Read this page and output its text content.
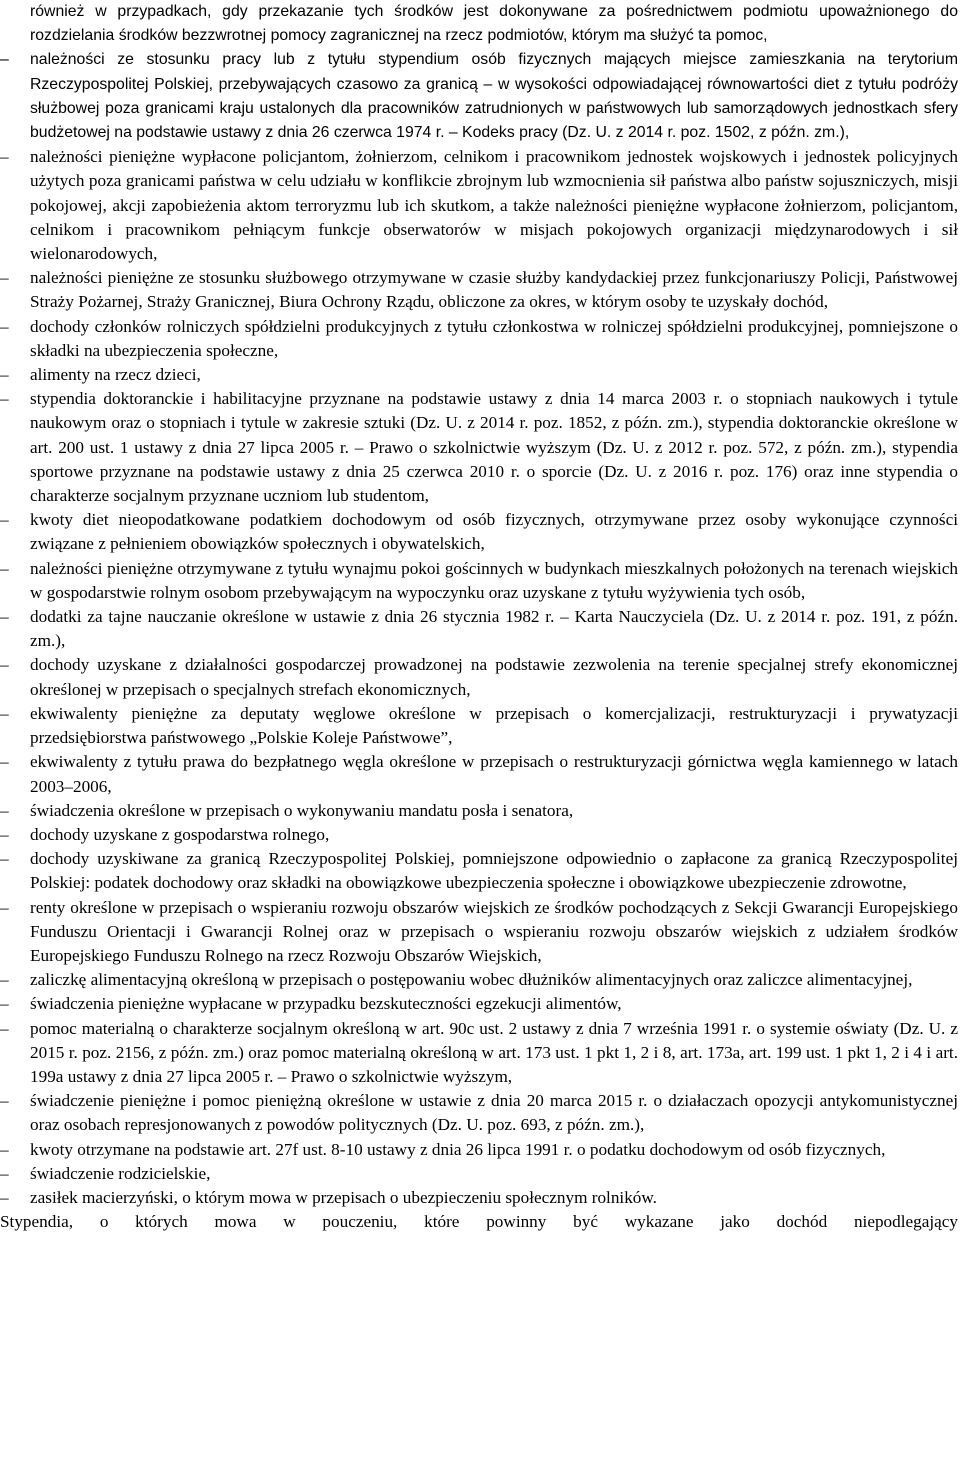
również w przypadkach, gdy przekazanie tych środków jest dokonywane za pośrednictwem podmiotu upoważnionego do rozdzielania środków bezzwrotnej pomocy zagranicznej na rzecz podmiotów, którym ma służyć ta pomoc,

–	należności ze stosunku pracy lub z tytułu stypendium osób fizycznych mających miejsce zamieszkania na terytorium Rzeczypospolitej Polskiej, przebywających czasowo za granicą – w wysokości odpowiadającej równowartości diet z tytułu podróży służbowej poza granicami kraju ustalonych dla pracowników zatrudnionych w państwowych lub samorządowych jednostkach sfery budżetowej na podstawie ustawy z dnia 26 czerwca 1974 r. – Kodeks pracy (Dz. U. z 2014 r. poz. 1502, z późn. zm.),
–	należności pieniężne wypłacone policjantom, żołnierzom, celnikom i pracownikom jednostek wojskowych i jednostek policyjnych użytych poza granicami państwa w celu udziału w konflikcie zbrojnym lub wzmocnienia sił państwa albo państw sojuszniczych, misji pokojowej, akcji zapobieżenia aktom terroryzmu lub ich skutkom, a także należności pieniężne wypłacone żołnierzom, policjantom, celnikom i pracownikom pełniącym funkcje obserwatorów w misjach pokojowych organizacji międzynarodowych i sił wielonarodowych,
–	należności pieniężne ze stosunku służbowego otrzymywane w czasie służby kandydackiej przez funkcjonariuszy Policji, Państwowej Straży Pożarnej, Straży Granicznej, Biura Ochrony Rządu, obliczone za okres, w którym osoby te uzyskały dochód,
–	dochody członków rolniczych spółdzielni produkcyjnych z tytułu członkostwa w rolniczej spółdzielni produkcyjnej, pomniejszone o składki na ubezpieczenia społeczne,
–	alimenty na rzecz dzieci,
–	stypendia doktoranckie i habilitacyjne przyznane na podstawie ustawy z dnia 14 marca 2003 r. o stopniach naukowych i tytule naukowym oraz o stopniach i tytule w zakresie sztuki (Dz. U. z 2014 r. poz. 1852, z późn. zm.), stypendia doktoranckie określone w art. 200 ust. 1 ustawy z dnia 27 lipca 2005 r. – Prawo o szkolnictwie wyższym (Dz. U. z 2012 r. poz. 572, z późn. zm.), stypendia sportowe przyznane na podstawie ustawy z dnia 25 czerwca 2010 r. o sporcie (Dz. U. z 2016 r. poz. 176) oraz inne stypendia o charakterze socjalnym przyznane uczniom lub studentom,
–	kwoty diet nieopodatkowane podatkiem dochodowym od osób fizycznych, otrzymywane przez osoby wykonujące czynności związane z pełnieniem obowiązków społecznych i obywatelskich,
–	należności pieniężne otrzymywane z tytułu wynajmu pokoi gościnnych w budynkach mieszkalnych położonych na terenach wiejskich w gospodarstwie rolnym osobom przebywającym na wypoczynku oraz uzyskane z tytułu wyżywienia tych osób,
–	dodatki za tajne nauczanie określone w ustawie z dnia 26 stycznia 1982 r. – Karta Nauczyciela (Dz. U. z 2014 r. poz. 191, z późn. zm.),
–	dochody uzyskane z działalności gospodarczej prowadzonej na podstawie zezwolenia na terenie specjalnej strefy ekonomicznej określonej w przepisach o specjalnych strefach ekonomicznych,
–	ekwiwalenty pieniężne za deputaty węglowe określone w przepisach o komercjalizacji, restrukturyzacji i prywatyzacji przedsiębiorstwa państwowego „Polskie Koleje Państwowe”,
–	ekwiwalenty z tytułu prawa do bezpłatnego węgla określone w przepisach o restrukturyzacji górnictwa węgla kamiennego w latach 2003–2006,
–	świadczenia określone w przepisach o wykonywaniu mandatu posła i senatora,
–	dochody uzyskane z gospodarstwa rolnego,
–	dochody uzyskiwane za granicą Rzeczypospolitej Polskiej, pomniejszone odpowiednio o zapłacone za granicą Rzeczypospolitej Polskiej: podatek dochodowy oraz składki na obowiązkowe ubezpieczenia społeczne i obowiązkowe ubezpieczenie zdrowotne,
–	renty określone w przepisach o wspieraniu rozwoju obszarów wiejskich ze środków pochodzących z Sekcji Gwarancji Europejskiego Funduszu Orientacji i Gwarancji Rolnej oraz w przepisach o wspieraniu rozwoju obszarów wiejskich z udziałem środków Europejskiego Funduszu Rolnego na rzecz Rozwoju Obszarów Wiejskich,
–	zaliczkę alimentacyjną określoną w przepisach o postępowaniu wobec dłużników alimentacyjnych oraz zaliczce alimentacyjnej,
–	świadczenia pieniężne wypłacane w przypadku bezskuteczności egzekucji alimentów,
–	pomoc materialną o charakterze socjalnym określoną w art. 90c ust. 2 ustawy z dnia 7 września 1991 r. o systemie oświaty (Dz. U. z 2015 r. poz. 2156, z późn. zm.) oraz pomoc materialną określoną w art. 173 ust. 1 pkt 1, 2 i 8, art. 173a, art. 199 ust. 1 pkt 1, 2 i 4 i art. 199a ustawy z dnia 27 lipca 2005 r. – Prawo o szkolnictwie wyższym,
–	świadczenie pieniężne i pomoc pieniężną określone w ustawie z dnia 20 marca 2015 r. o działaczach opozycji antykomunistycznej oraz osobach represjonowanych z powodów politycznych (Dz. U. poz. 693, z późn. zm.),
–	kwoty otrzymane na podstawie art. 27f ust. 8-10 ustawy z dnia 26 lipca 1991 r. o podatku dochodowym od osób fizycznych,
–	świadczenie rodzicielskie,
–	zasiłek macierzyński, o którym mowa w przepisach o ubezpieczeniu społecznym rolników.

Stypendia, o których mowa w pouczeniu, które powinny być wykazane jako dochód niepodlegający
